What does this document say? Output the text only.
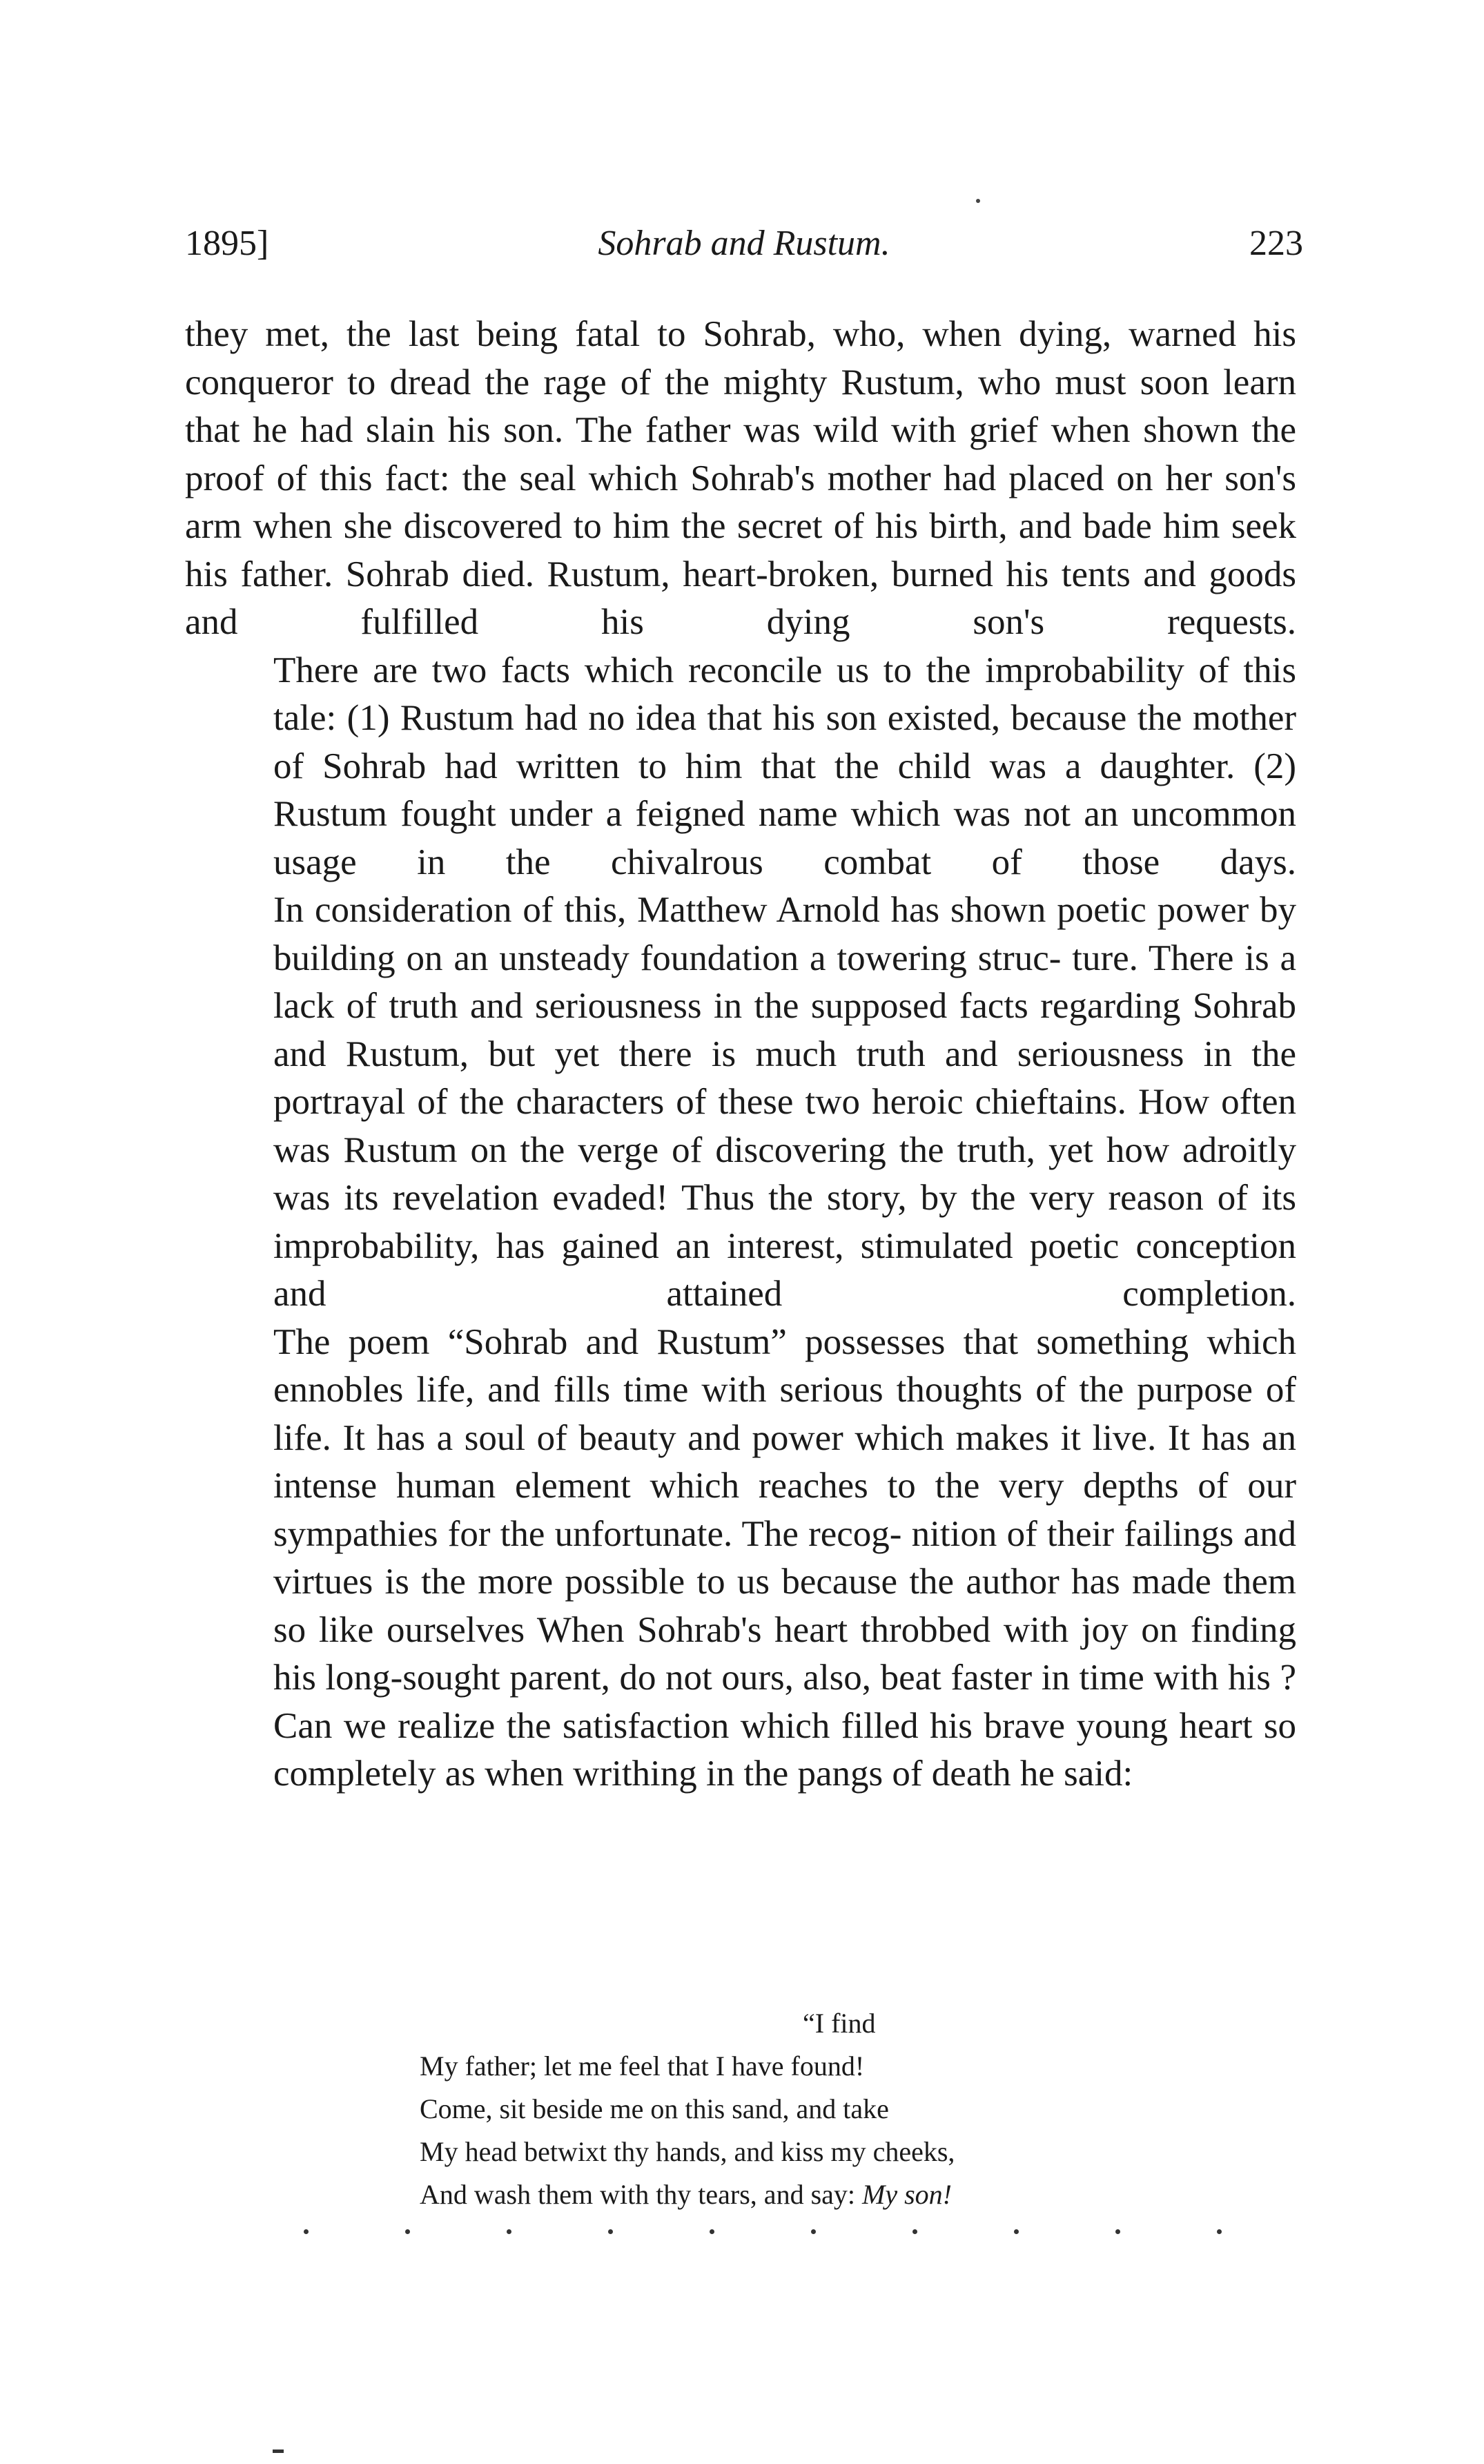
1895]	Sohrab and Rustum.	223

they met, the last being fatal to Sohrab, who, when dying, warned his conqueror to dread the rage of the mighty Rustum, who must soon learn that he had slain his son. The father was wild with grief when shown the proof of this fact: the seal which Sohrab's mother had placed on her son's arm when she discovered to him the secret of his birth, and bade him seek his father. Sohrab died. Rustum, heart-broken, burned his tents and goods and fulfilled his dying son's requests.

There are two facts which reconcile us to the improbability of this tale: (1) Rustum had no idea that his son existed, because the mother of Sohrab had written to him that the child was a daughter. (2) Rustum fought under a feigned name which was not an uncommon usage in the chivalrous combat of those days.

In consideration of this, Matthew Arnold has shown poetic power by building on an unsteady foundation a towering struc- ture. There is a lack of truth and seriousness in the supposed facts regarding Sohrab and Rustum, but yet there is much truth and seriousness in the portrayal of the characters of these two heroic chieftains. How often was Rustum on the verge of discovering the truth, yet how adroitly was its revelation evaded! Thus the story, by the very reason of its improbability, has gained an interest, stimulated poetic conception and attained	completion.

The poem “Sohrab and Rustum” possesses that something which ennobles life, and fills time with serious thoughts of the purpose of life. It has a soul of beauty and power which makes it live. It has an intense human element which reaches to the very depths of our sympathies for the unfortunate. The recog- nition of their failings and virtues is the more possible to us because the author has made them so like ourselves When Sohrab's heart throbbed with joy on finding his long-sought parent, do not ours, also, beat faster in time with his ? Can we realize the satisfaction which filled his brave young heart so completely as when writhing in the pangs of death he said:

“I find
My father; let me feel that I have found!
Come, sit beside me on this sand, and take
My head betwixt thy hands, and kiss my cheeks,
And wash them with thy tears, and say: My son!
